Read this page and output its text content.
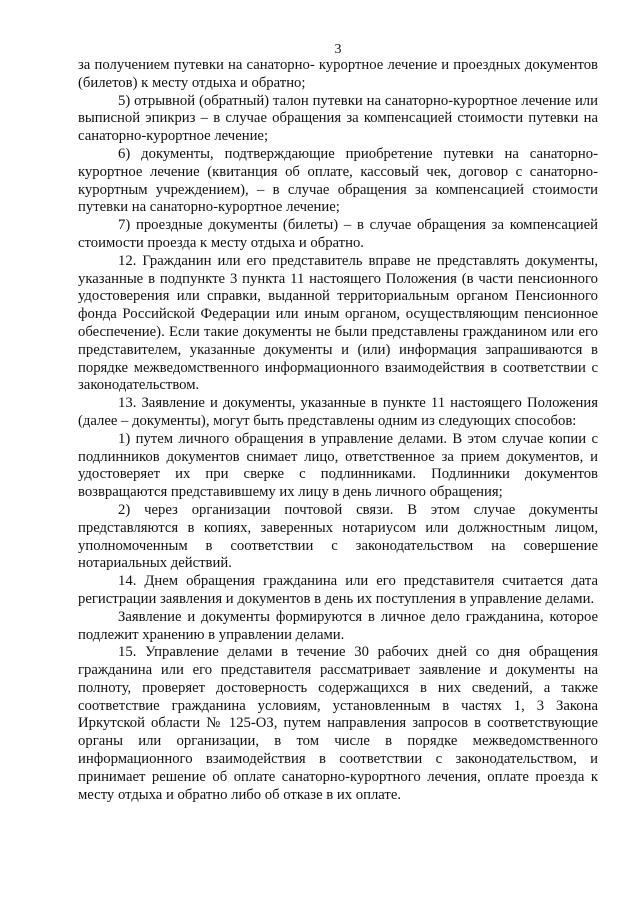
3

за получением путевки на санаторно- курортное лечение и проездных документов (билетов) к месту отдыха и обратно;

5) отрывной (обратный) талон путевки на санаторно-курортное лечение или выписной эпикриз – в случае обращения за компенсацией стоимости путевки на санаторно-курортное лечение;

6) документы, подтверждающие приобретение путевки на санаторно-курортное лечение (квитанция об оплате, кассовый чек, договор с санаторно-курортным учреждением), – в случае обращения за компенсацией стоимости путевки на санаторно-курортное лечение;

7) проездные документы (билеты) – в случае обращения за компенсацией стоимости проезда к месту отдыха и обратно.

12. Гражданин или его представитель вправе не представлять документы, указанные в подпункте 3 пункта 11 настоящего Положения (в части пенсионного удостоверения или справки, выданной территориальным органом Пенсионного фонда Российской Федерации или иным органом, осуществляющим пенсионное обеспечение). Если такие документы не были представлены гражданином или его представителем, указанные документы и (или) информация запрашиваются в порядке межведомственного информационного взаимодействия в соответствии с законодательством.

13. Заявление и документы, указанные в пункте 11 настоящего Положения (далее – документы), могут быть представлены одним из следующих способов:

1) путем личного обращения в управление делами. В этом случае копии с подлинников документов снимает лицо, ответственное за прием документов, и удостоверяет их при сверке с подлинниками. Подлинники документов возвращаются представившему их лицу в день личного обращения;

2) через организации почтовой связи. В этом случае документы представляются в копиях, заверенных нотариусом или должностным лицом, уполномоченным в соответствии с законодательством на совершение нотариальных действий.

14. Днем обращения гражданина или его представителя считается дата регистрации заявления и документов в день их поступления в управление делами.

Заявление и документы формируются в личное дело гражданина, которое подлежит хранению в управлении делами.

15. Управление делами в течение 30 рабочих дней со дня обращения гражданина или его представителя рассматривает заявление и документы на полноту, проверяет достоверность содержащихся в них сведений, а также соответствие гражданина условиям, установленным в частях 1, 3 Закона Иркутской области № 125-ОЗ, путем направления запросов в соответствующие органы или организации, в том числе в порядке межведомственного информационного взаимодействия в соответствии с законодательством, и принимает решение об оплате санаторно-курортного лечения, оплате проезда к месту отдыха и обратно либо об отказе в их оплате.
